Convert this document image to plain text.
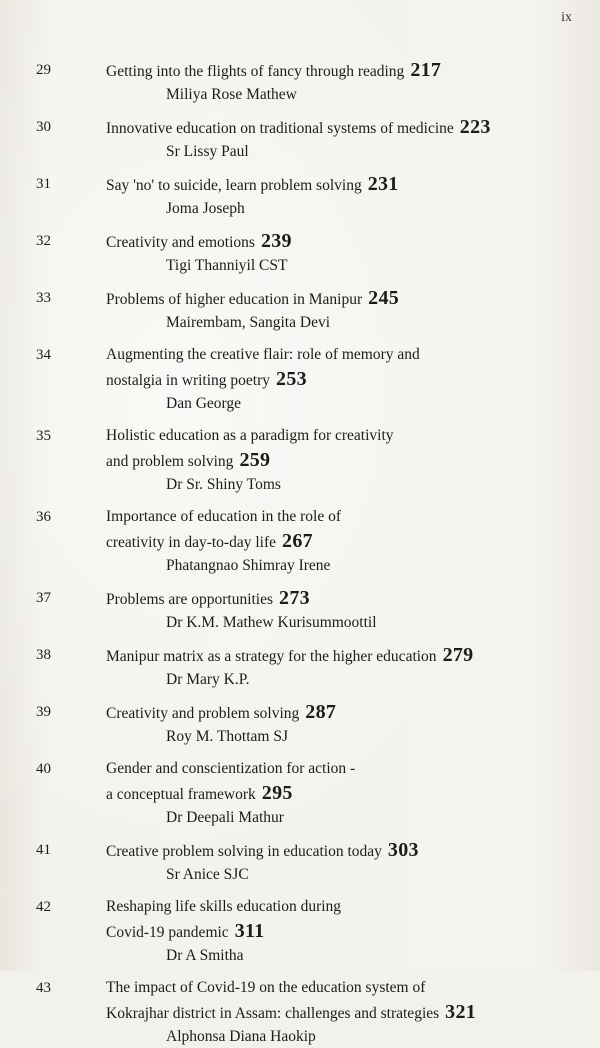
ix
29	Getting into the flights of fancy through reading 217
Miliya Rose Mathew
30	Innovative education on traditional systems of medicine 223
Sr Lissy Paul
31	Say 'no' to suicide, learn problem solving 231
Joma Joseph
32	Creativity and emotions 239
Tigi Thanniyil CST
33	Problems of higher education in Manipur 245
Mairembam, Sangita Devi
34	Augmenting the creative flair: role of memory and
nostalgia in writing poetry 253
Dan George
35	Holistic education as a paradigm for creativity
and problem solving 259
Dr Sr. Shiny Toms
36	Importance of education in the role of
creativity in day-to-day life 267
Phatangnao Shimray Irene
37	Problems are opportunities 273
Dr K.M. Mathew Kurisummoottil
38	Manipur matrix as a strategy for the higher education 279
Dr Mary K.P.
39	Creativity and problem solving 287
Roy M. Thottam SJ
40	Gender and conscientization for action -
a conceptual framework 295
Dr Deepali Mathur
41	Creative problem solving in education today 303
Sr Anice SJC
42	Reshaping life skills education during
Covid-19 pandemic 311
Dr A Smitha
43	The impact of Covid-19 on the education system of
Kokrajhar district in Assam: challenges and strategies 321
Alphonsa Diana Haokip
